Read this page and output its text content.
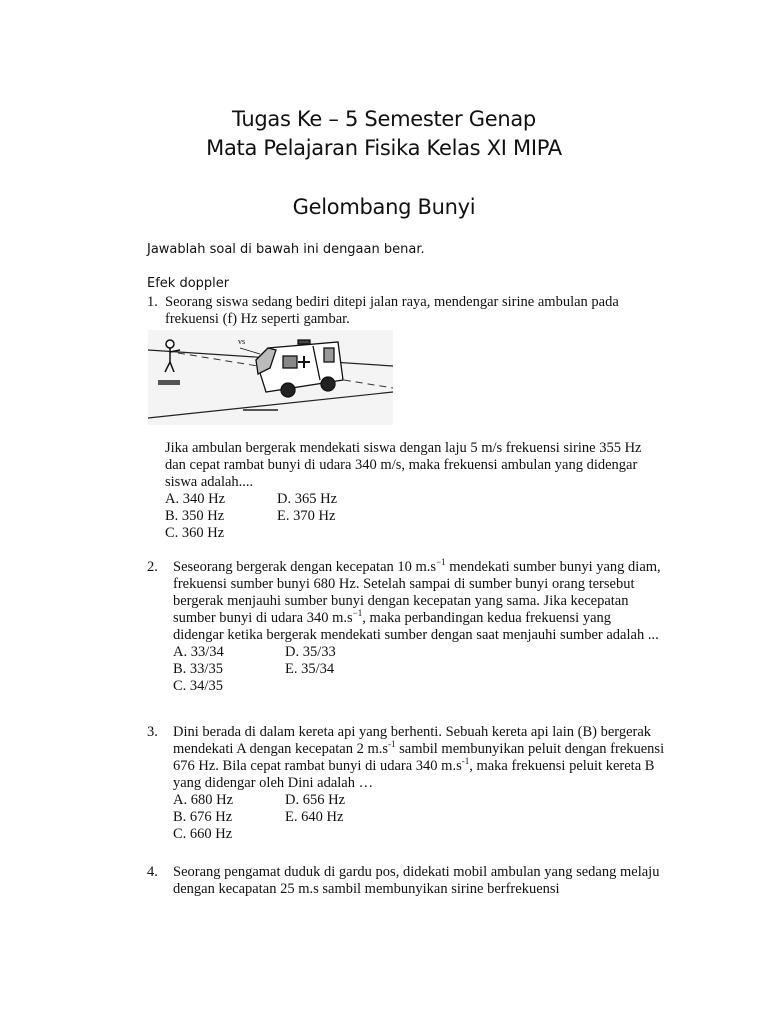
Tugas Ke – 5 Semester Genap
Mata Pelajaran Fisika Kelas XI MIPA
Gelombang Bunyi
Jawablah soal di bawah ini dengaan benar.
Efek doppler
1. Seorang siswa sedang bediri ditepi jalan raya, mendengar sirine ambulan pada frekuensi (f) Hz seperti gambar.
vs

Jika ambulan bergerak mendekati siswa dengan laju 5 m/s frekuensi sirine 355 Hz dan cepat rambat bunyi di udara 340 m/s, maka frekuensi ambulan yang didengar siswa adalah....

A. 340 Hz	D. 365 Hz
B. 350 Hz	E. 370 Hz
C. 360 Hz
2. Seseorang bergerak dengan kecepatan 10 $m.s^{-1}$ mendekati sumber bunyi yang diam, frekuensi sumber bunyi 680 Hz. Setelah sampai di sumber bunyi orang tersebut bergerak menjauhi sumber bunyi dengan kecepatan yang sama. Jika kecepatan sumber bunyi di udara 340 $m.s^{-1}$, maka perbandingan kedua frekuensi yang didengar ketika bergerak mendekati sumber dengan saat menjauhi sumber adalah ...

A. 33/34	D. 35/33
B. 33/35	E. 35/34
C. 34/35
3. Dini berada di dalam kereta api yang berhenti. Sebuah kereta api lain (B) bergerak mendekati A dengan kecepatan 2 $m.s^{-1}$ sambil membunyikan peluit dengan frekuensi 676 Hz. Bila cepat rambat bunyi di udara 340 $m.s^{-1}$, maka frekuensi peluit kereta B yang didengar oleh Dini adalah …

A. 680 Hz	D. 656 Hz
B. 676 Hz	E. 640 Hz
C. 660 Hz
4. Seorang pengamat duduk di gardu pos, didekati mobil ambulan yang sedang melaju dengan kecapatan 25 m.s sambil membunyikan sirine berfrekuensi
